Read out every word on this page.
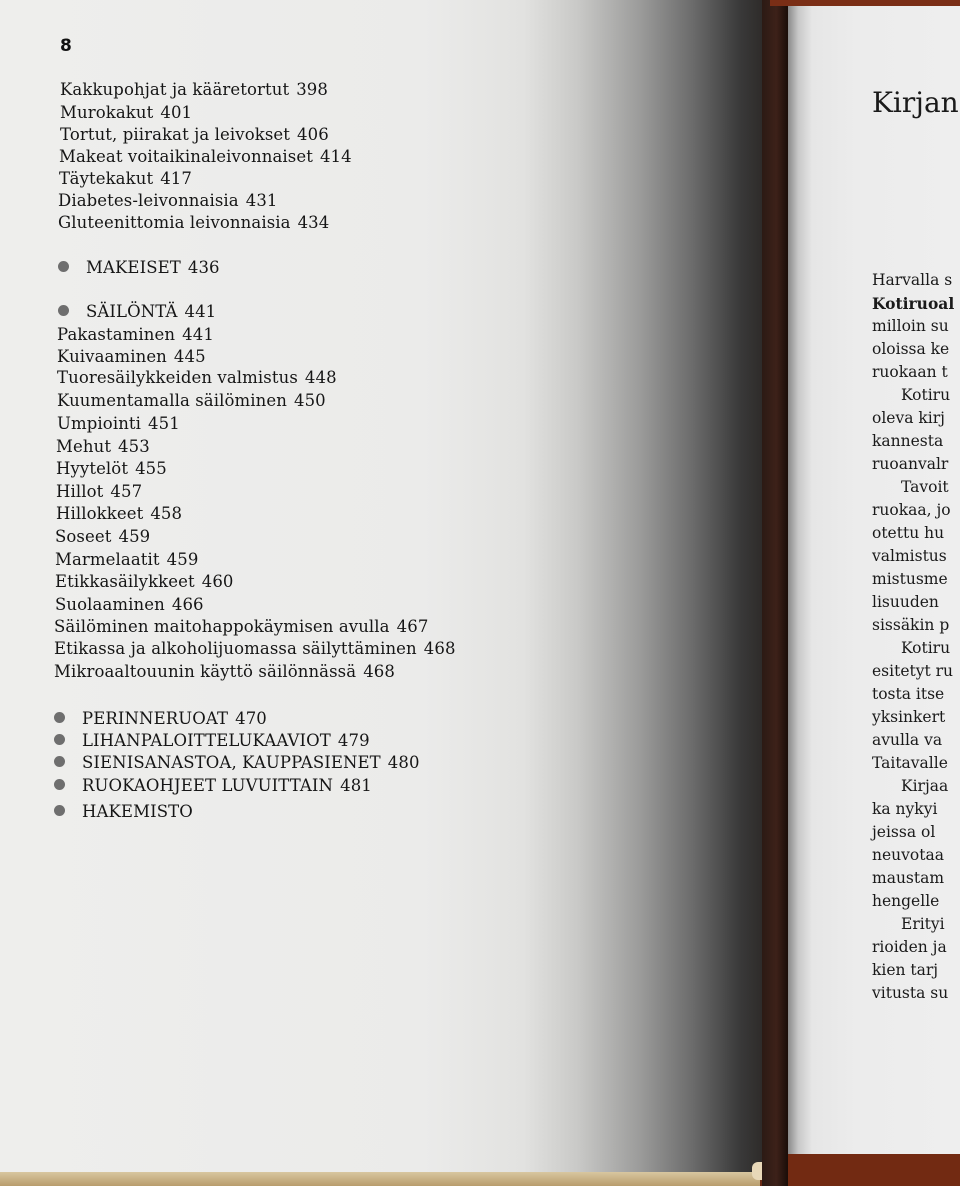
8
Kakkupohjat ja kääretortut 398
Murokakut 401
Tortut, piirakat ja leivokset 406
Makeat voitaikinaleivonnaiset 414
Täytekakut 417
Diabetes-leivonnaisia 431
Gluteenittomia leivonnaisia 434
MAKEISET 436
SÄILÖNTÄ 441
Pakastaminen 441
Kuivaaminen 445
Tuoresäilykkeiden valmistus 448
Kuumentamalla säilöminen 450
Umpiointi 451
Mehut 453
Hyytelöt 455
Hillot 457
Hillokkeet 458
Soseet 459
Marmelaatit 459
Etikkasäilykkeet 460
Suolaaminen 466
Säilöminen maitohappokäymisen avulla 467
Etikassa ja alkoholijuomassa säilyttäminen 468
Mikroaaltouunin käyttö säilönnässä 468
PERINNERUOAT 470
LIHANPALOITTELUKAAVIOT 479
SIENISANASTOA, KAUPPASIENET 480
RUOKAOHJEET LUVUITTAIN 481
HAKEMISTO
Kirjan
Harvalla s
Kotiruoal
milloin su
oloissa ke
ruokaan t
Kotiru
oleva kirj
kannesta
ruoanvalr
Tavoit
ruokaa, jo
otettu hu
valmistus
mistusme
lisuuden
sissäkin p
Kotiru
esitetyt ru
tosta itse
yksinkert
avulla va
Taitavalle
Kirjaa
ka nykyi
jeissa ol
neuvotaa
maustam
hengelle
Erityi
rioiden ja
kien tarj
vitusta su
